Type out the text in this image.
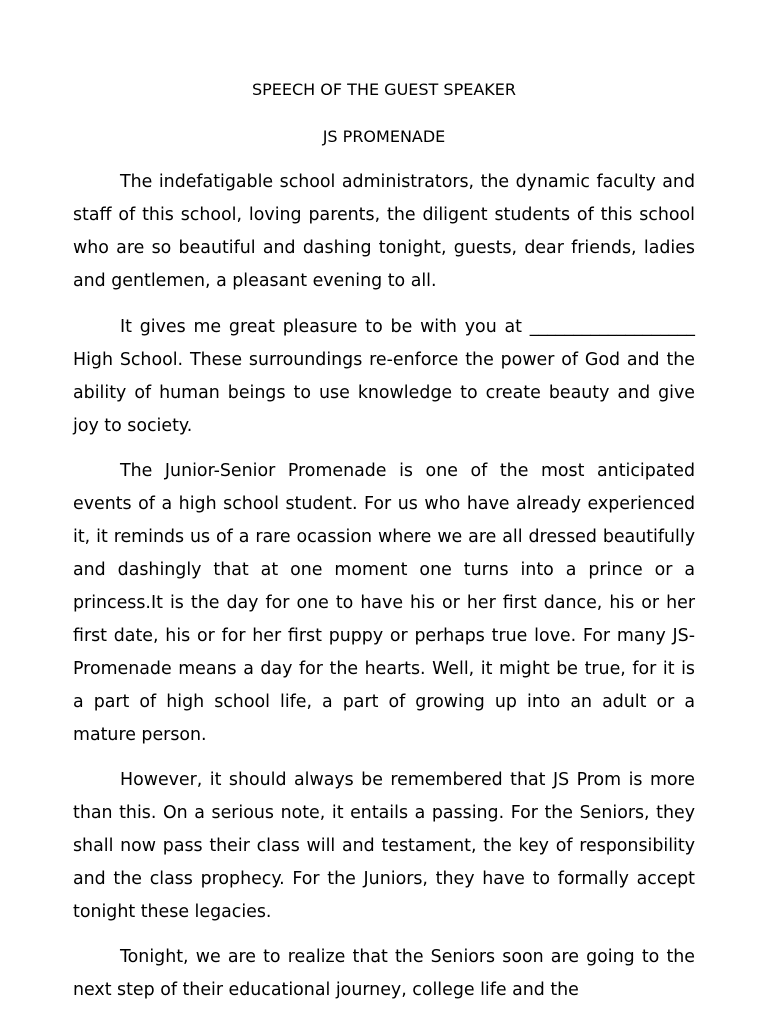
SPEECH OF THE GUEST SPEAKER
JS PROMENADE

The indefatigable school administrators, the dynamic faculty and staff of this school, loving parents, the diligent students of this school who are so beautiful and dashing tonight, guests, dear friends, ladies and gentlemen, a pleasant evening to all.

It gives me great pleasure to be with you at ___________________ High School. These surroundings re-enforce the power of God and the ability of human beings to use knowledge to create beauty and give joy to society.

The Junior-Senior Promenade is one of the most anticipated events of a high school student. For us who have already experienced it, it reminds us of a rare ocassion where we are all dressed beautifully and dashingly that at one moment one turns into a prince or a princess.It is the day for one to have his or her first dance, his or her first date, his or for her first puppy or perhaps true love. For many JS-Promenade means a day for the hearts. Well, it might be true, for it is a part of high school life, a part of growing up into an adult or a mature person.

However, it should always be remembered that JS Prom is more than this. On a serious note, it entails a passing. For the Seniors, they shall now pass their class will and testament, the key of responsibility and the class prophecy. For the Juniors, they have to formally accept tonight these legacies.

Tonight, we are to realize that the Seniors soon are going to the next step of their educational journey, college life and the
